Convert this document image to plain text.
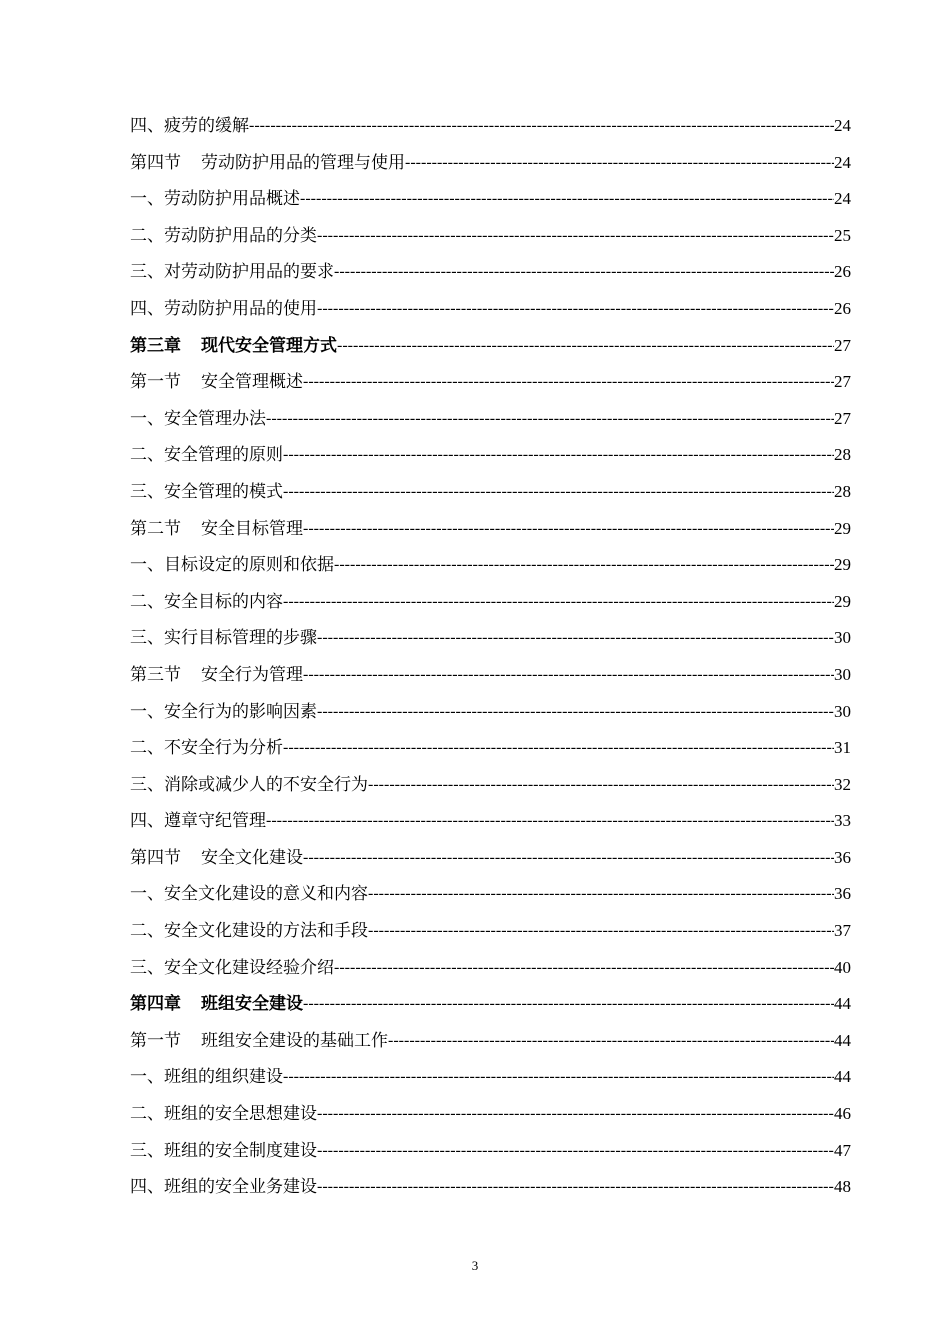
四、疲劳的缓解 -----	24
第四节 劳动防护用品的管理与使用 -----	24
一、劳动防护用品概述 -----	24
二、劳动防护用品的分类 -----	25
三、对劳动防护用品的要求 -----	26
四、劳动防护用品的使用 -----	26
第三章 现代安全管理方式 -----	27
第一节 安全管理概述 -----	27
一、安全管理办法 -----	27
二、安全管理的原则 -----	28
三、安全管理的模式 -----	28
第二节 安全目标管理 -----	29
一、目标设定的原则和依据 -----	29
二、安全目标的内容 -----	29
三、实行目标管理的步骤 -----	30
第三节 安全行为管理 -----	30
一、安全行为的影响因素 -----	30
二、不安全行为分析 -----	31
三、消除或减少人的不安全行为 -----	32
四、遵章守纪管理 -----	33
第四节 安全文化建设 -----	36
一、安全文化建设的意义和内容 -----	36
二、安全文化建设的方法和手段 -----	37
三、安全文化建设经验介绍 -----	40
第四章 班组安全建设 -----	44
第一节 班组安全建设的基础工作 -----	44
一、班组的组织建设 -----	44
二、班组的安全思想建设 -----	46
三、班组的安全制度建设 -----	47
四、班组的安全业务建设 -----	48
3
